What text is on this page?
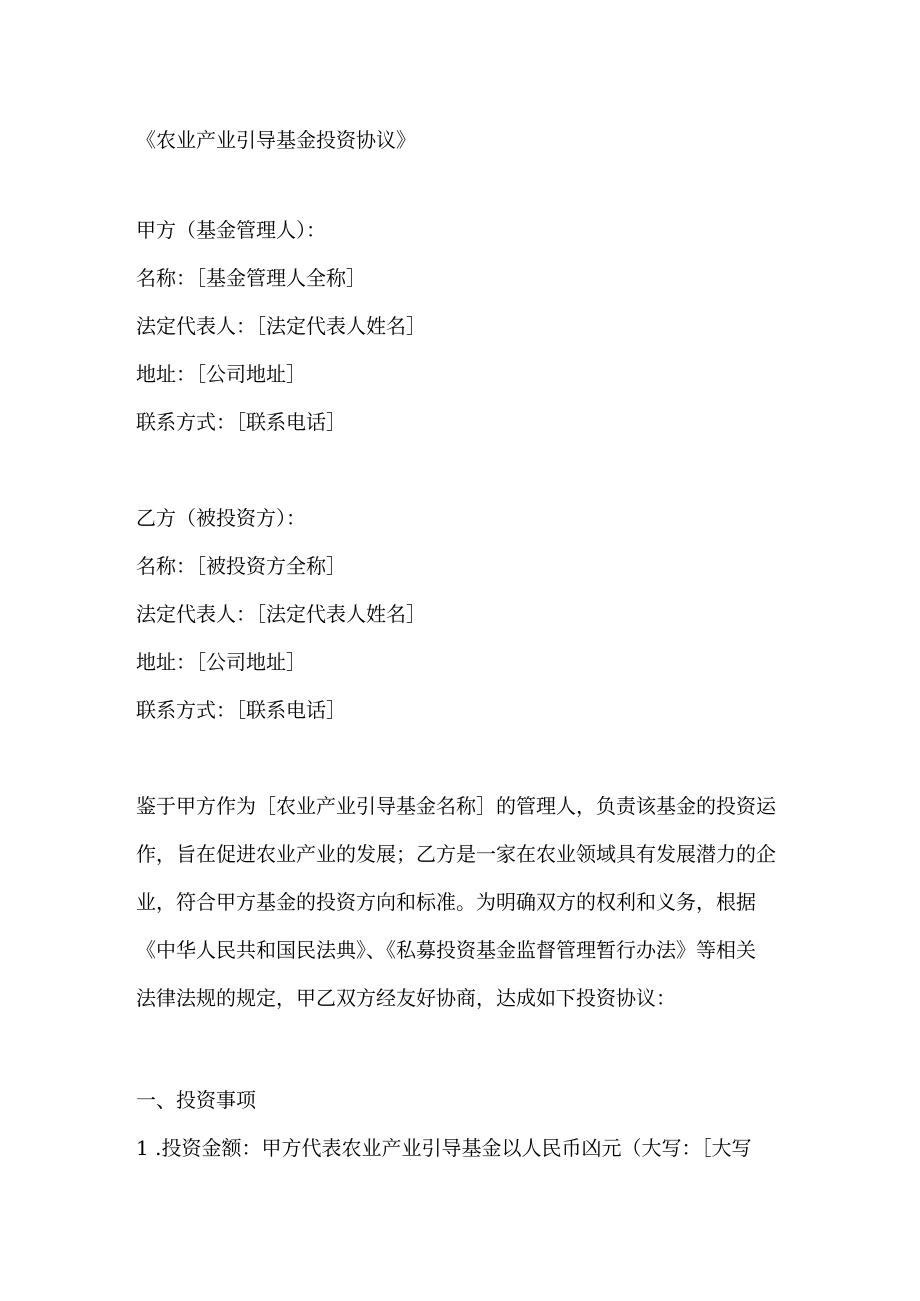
《农业产业引导基金投资协议》
甲方（基金管理人）：
名称：［基金管理人全称］
法定代表人：［法定代表人姓名］
地址：［公司地址］
联系方式：［联系电话］
乙方（被投资方）：
名称：［被投资方全称］
法定代表人：［法定代表人姓名］
地址：［公司地址］
联系方式：［联系电话］
鉴于甲方作为［农业产业引导基金名称］的管理人，负责该基金的投资运
作，旨在促进农业产业的发展；乙方是一家在农业领域具有发展潜力的企
业，符合甲方基金的投资方向和标准。为明确双方的权利和义务，根据
《中华人民共和国民法典》、《私募投资基金监督管理暂行办法》等相关
法律法规的规定，甲乙双方经友好协商，达成如下投资协议：
一、投资事项
1 .投资金额：甲方代表农业产业引导基金以人民币凶元（大写：［大写
